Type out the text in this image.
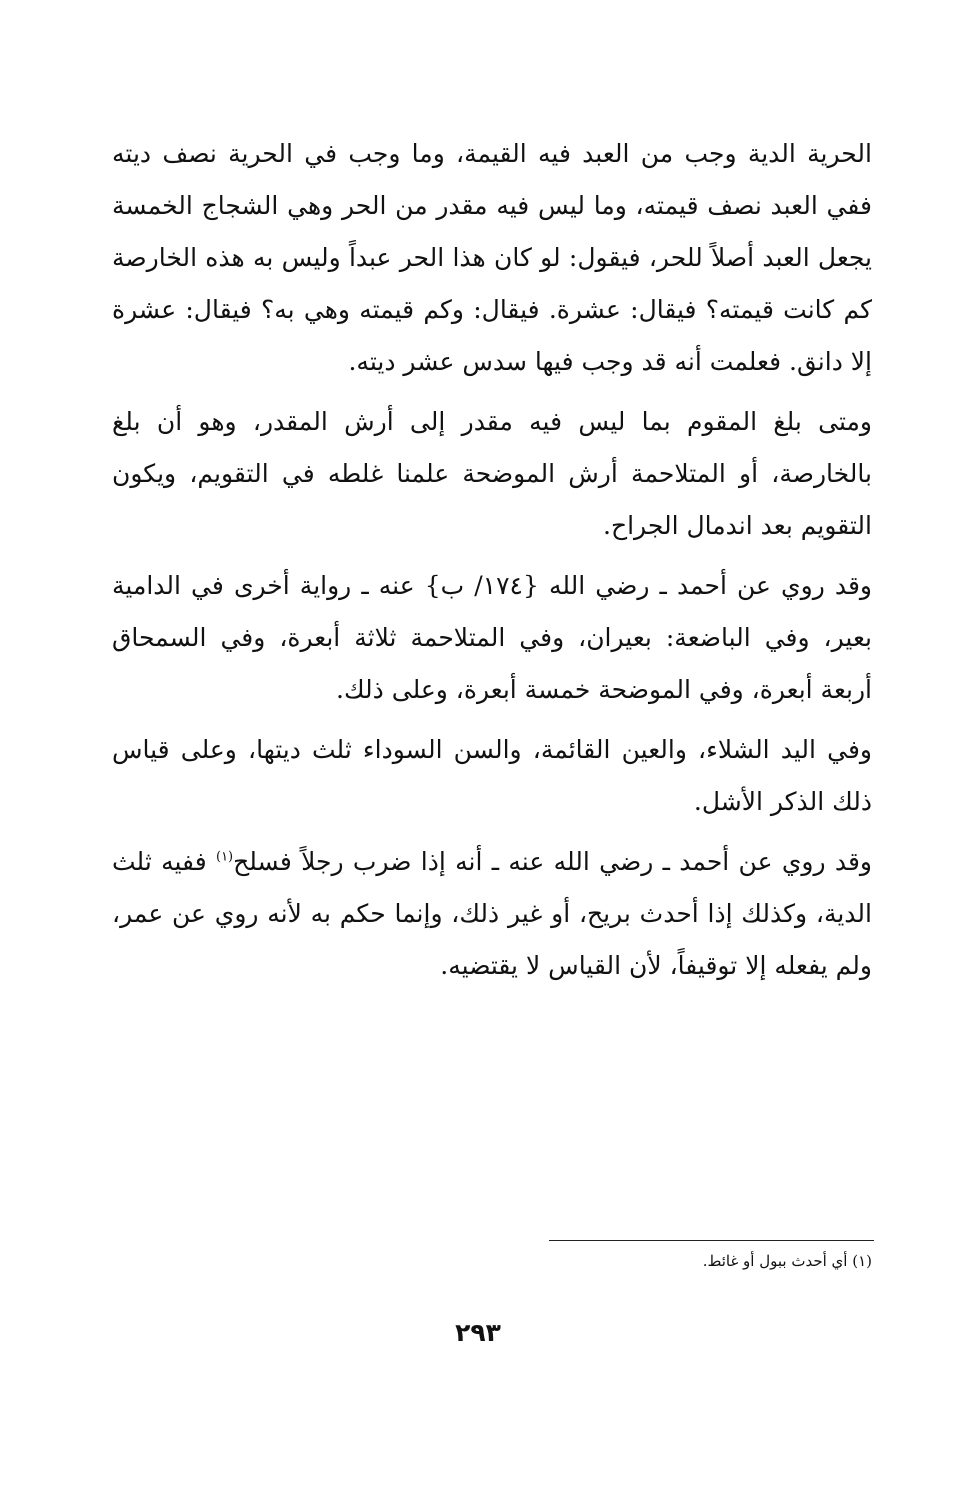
الحرية الدية وجب من العبد فيه القيمة، وما وجب في الحرية نصف ديته ففي العبد نصف قيمته، وما ليس فيه مقدر من الحر وهي الشجاج الخمسة يجعل العبد أصلاً للحر، فيقول: لو كان هذا الحر عبداً وليس به هذه الخارصة كم كانت قيمته؟ فيقال: عشرة. فيقال: وكم قيمته وهي به؟ فيقال: عشرة إلا دانق. فعلمت أنه قد وجب فيها سدس عشر ديته.

ومتى بلغ المقوم بما ليس فيه مقدر إلى أرش المقدر، وهو أن بلغ بالخارصة، أو المتلاحمة أرش الموضحة علمنا غلطه في التقويم، ويكون التقويم بعد اندمال الجراح.

وقد روي عن أحمد ـ رضي الله {١٧٤/ ب} عنه ـ رواية أخرى في الدامية بعير، وفي الباضعة: بعيران، وفي المتلاحمة ثلاثة أبعرة، وفي السمحاق أربعة أبعرة، وفي الموضحة خمسة أبعرة، وعلى ذلك.

وفي اليد الشلاء، والعين القائمة، والسن السوداء ثلث ديتها، وعلى قياس ذلك الذكر الأشل.

وقد روي عن أحمد ـ رضي الله عنه ـ أنه إذا ضرب رجلاً فسلح$^{(١)}$ ففيه ثلث الدية، وكذلك إذا أحدث بريح، أو غير ذلك، وإنما حكم به لأنه روي عن عمر، ولم يفعله إلا توقيفاً، لأن القياس لا يقتضيه.

(١) أي أحدث ببول أو غائط.
٢٩٣
